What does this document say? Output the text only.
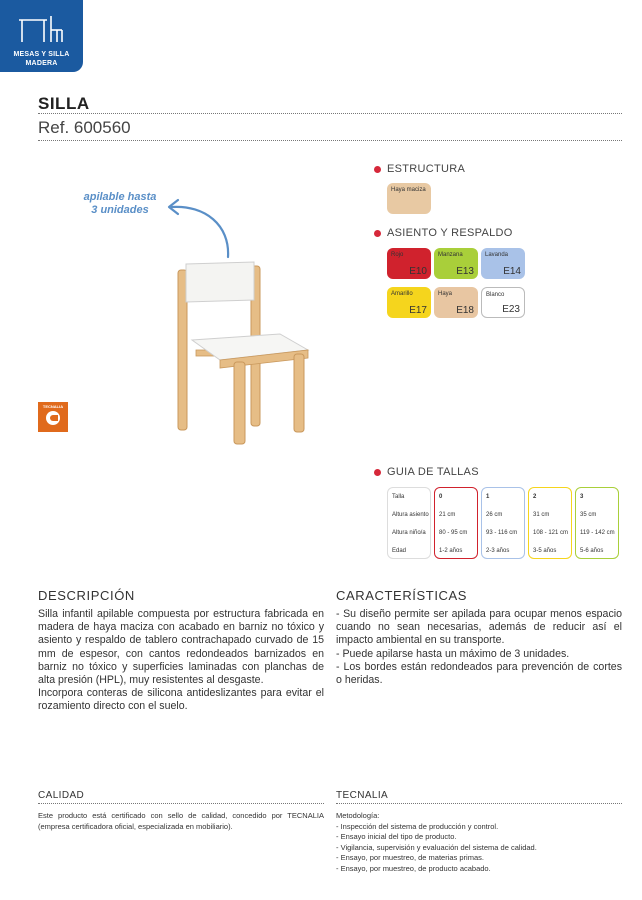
MESAS Y SILLA
MADERA
SILLA
Ref. 600560
apilable hasta
3 unidades
TECNALIA
ESTRUCTURA
Haya maciza
ASIENTO Y RESPALDO
Rojo
E10
Manzana
E13
Lavanda
E14
Amarillo
E17
Haya
E18
Blanco
E23
GUIA DE TALLAS
Talla
Altura asiento
Altura niño/a
Edad
0
21 cm
80 - 95 cm
1-2 años
1
26 cm
93 - 116 cm
2-3 años
2
31 cm
108 - 121 cm
3-5 años
3
35 cm
119 - 142 cm
5-6 años
DESCRIPCIÓN

Silla infantil apilable compuesta por estructura fabricada en madera de haya maciza con acabado en barniz no tóxico y asiento y respaldo de tablero contrachapado curvado de 15 mm de espesor, con cantos redondeados barnizados en barniz no tóxico y superficies laminadas con planchas de alta presión (HPL), muy resistentes al desgaste.

Incorpora conteras de silicona antideslizantes para evitar el rozamiento directo con el suelo.

CARACTERÍSTICAS

- Su diseño permite ser apilada para ocupar menos espacio cuando no sean necesarias, además de reducir así el impacto ambiental en su transporte.

- Puede apilarse hasta un máximo de 3 unidades.

- Los bordes están redondeados para prevención de cortes o heridas.

CALIDAD
Este producto está certificado con sello de calidad, concedido por TECNALIA (empresa certificadora oficial, especializada en mobiliario).
TECNALIA
Metodología:
- Inspección del sistema de producción y control.
- Ensayo inicial del tipo de producto.
- Vigilancia, supervisión y evaluación del sistema de calidad.
- Ensayo, por muestreo, de materias primas.
- Ensayo, por muestreo, de producto acabado.
